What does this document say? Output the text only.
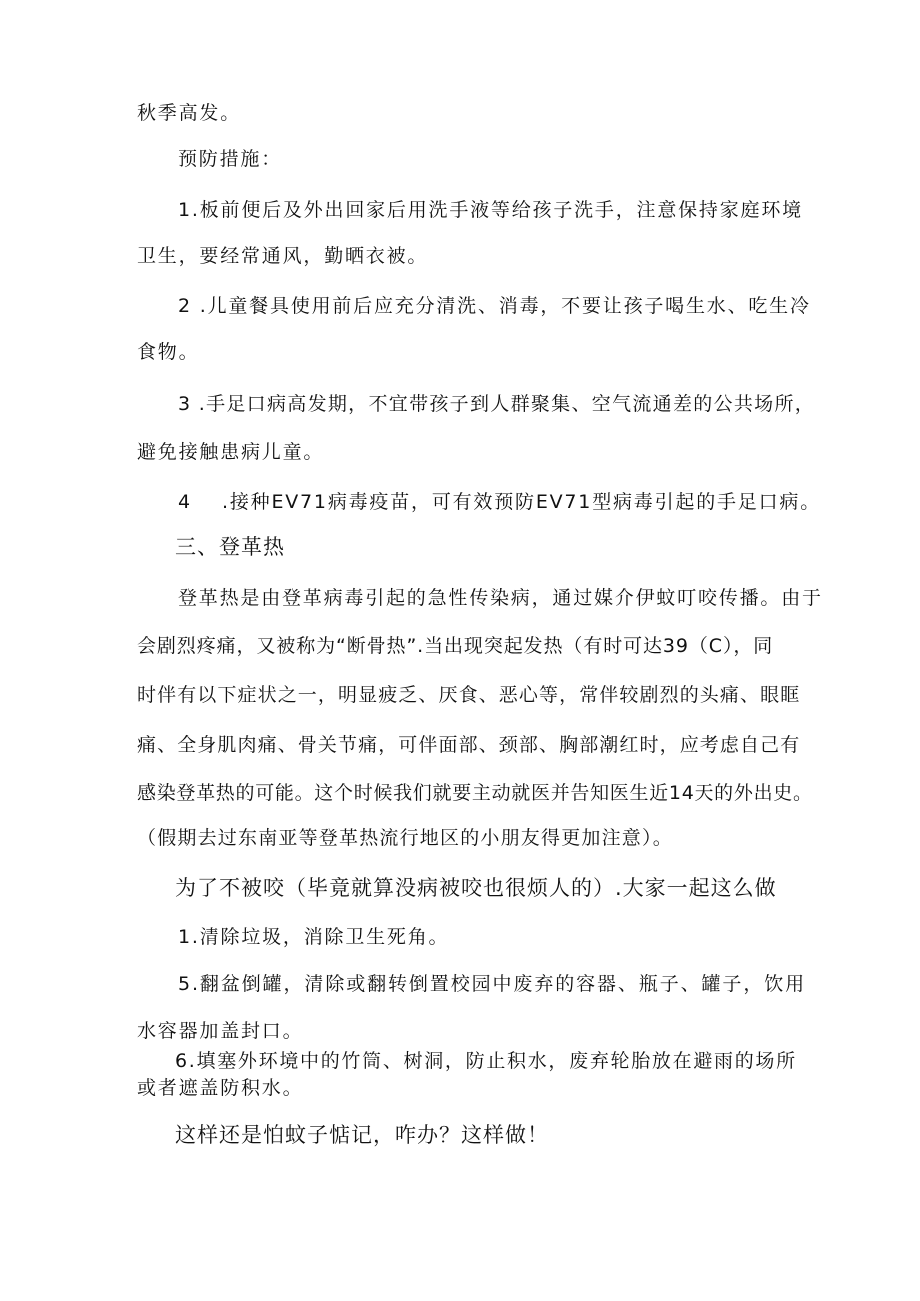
秋季高发。
预防措施：
1.板前便后及外出回家后用洗手液等给孩子洗手，注意保持家庭环境
卫生，要经常通风，勤晒衣被。
2 .儿童餐具使用前后应充分清洗、消毒，不要让孩子喝生水、吃生冷
食物。
3 .手足口病高发期，不宜带孩子到人群聚集、空气流通差的公共场所，
避免接触患病儿童。
4 .接种EV71病毒疫苗，可有效预防EV71型病毒引起的手足口病。
三、登革热
登革热是由登革病毒引起的急性传染病，通过媒介伊蚊叮咬传播。由于
会剧烈疼痛，又被称为“断骨热”.当出现突起发热（有时可达39（C），同
时伴有以下症状之一，明显疲乏、厌食、恶心等，常伴较剧烈的头痛、眼眶
痛、全身肌肉痛、骨关节痛，可伴面部、颈部、胸部潮红时，应考虑自己有
感染登革热的可能。这个时候我们就要主动就医并告知医生近14天的外出史。
（假期去过东南亚等登革热流行地区的小朋友得更加注意）。
为了不被咬（毕竟就算没病被咬也很烦人的）.大家一起这么做
1.清除垃圾，消除卫生死角。
5.翻盆倒罐，清除或翻转倒置校园中废弃的容器、瓶子、罐子，饮用
水容器加盖封口。
6.填塞外环境中的竹筒、树洞，防止积水，废弃轮胎放在避雨的场所
或者遮盖防积水。
这样还是怕蚊子惦记，咋办？这样做！
